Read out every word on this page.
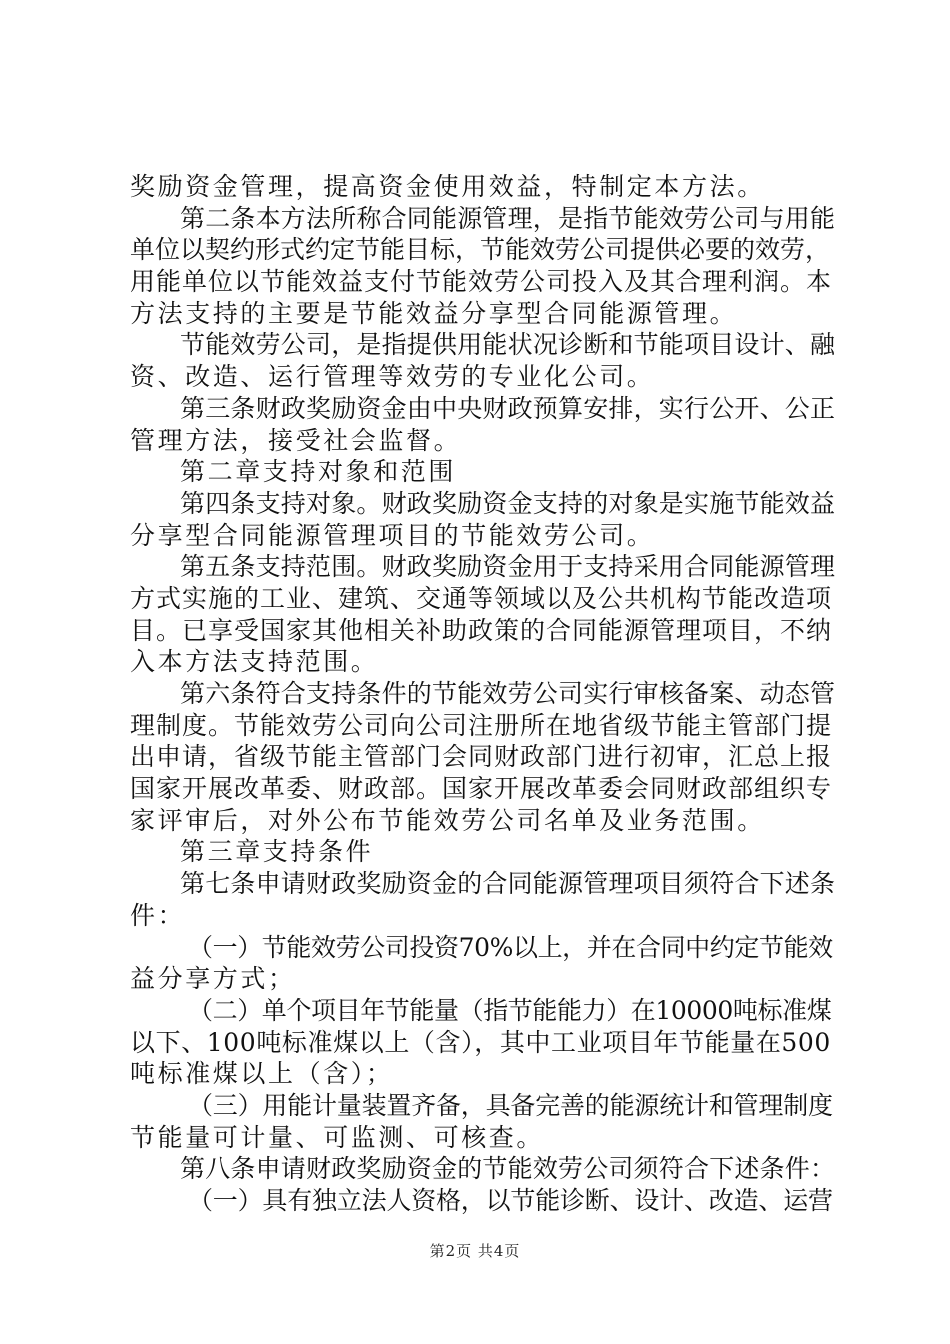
奖励资金管理，提高资金使用效益，特制定本方法。
第二条本方法所称合同能源管理，是指节能效劳公司与用能
单位以契约形式约定节能目标，节能效劳公司提供必要的效劳，
用能单位以节能效益支付节能效劳公司投入及其合理利润。本
方法支持的主要是节能效益分享型合同能源管理。
节能效劳公司，是指提供用能状况诊断和节能项目设计、融
资、改造、运行管理等效劳的专业化公司。
第三条财政奖励资金由中央财政预算安排，实行公开、公正
管理方法，接受社会监督。
第二章支持对象和范围
第四条支持对象。财政奖励资金支持的对象是实施节能效益
分享型合同能源管理项目的节能效劳公司。
第五条支持范围。财政奖励资金用于支持采用合同能源管理
方式实施的工业、建筑、交通等领域以及公共机构节能改造项
目。已享受国家其他相关补助政策的合同能源管理项目，不纳
入本方法支持范围。
第六条符合支持条件的节能效劳公司实行审核备案、动态管
理制度。节能效劳公司向公司注册所在地省级节能主管部门提
出申请，省级节能主管部门会同财政部门进行初审，汇总上报
国家开展改革委、财政部。国家开展改革委会同财政部组织专
家评审后，对外公布节能效劳公司名单及业务范围。
第三章支持条件
第七条申请财政奖励资金的合同能源管理项目须符合下述条
件：
（一）节能效劳公司投资70%以上，并在合同中约定节能效
益分享方式；
（二）单个项目年节能量（指节能能力）在10000吨标准煤
以下、100吨标准煤以上（含），其中工业项目年节能量在500
吨标准煤以上（含）；
（三）用能计量装置齐备，具备完善的能源统计和管理制度
节能量可计量、可监测、可核查。
第八条申请财政奖励资金的节能效劳公司须符合下述条件：
（一）具有独立法人资格，以节能诊断、设计、改造、运营
第2页 共4页
